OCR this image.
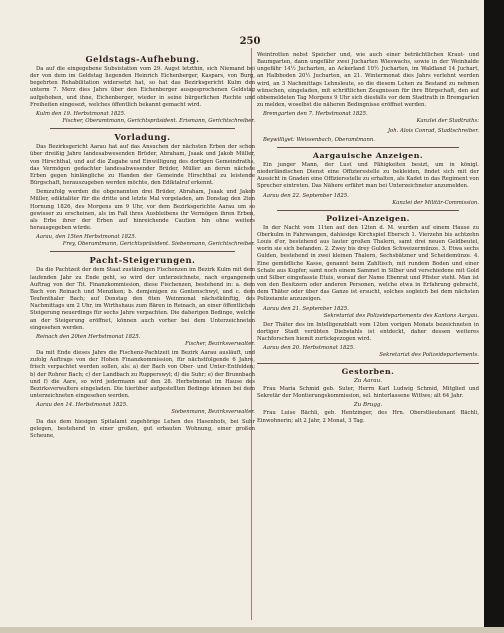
250
Geldstags-Aufhebung.

Da auf die eingegebene Subsistation vom 29. Augst letzthin, sich Niemand bei der von dem im Geldstag liegenden Heinrich Eichenberger, Kaspars, von Burg, begehrten Rehabilitation widersetzt hat, so hat das Bezirksgericht Kulm den unterm 7. Merz dies Jahrs über den Eichenberger ausgesprochenen Geldstag aufgehoben, und ihne, Eichenberger, wieder in seine bürgerlichen Rechte und Freiheiten eingesezt, welches öffentlich bekannt gemacht wird.

Kulm den 19. Herbstmonat 1825.
Fischer, Oberamtmann, Gerichtspräsident. Erismann, Gerichtschreiber.
Vorladung.

Das Bezirksgericht Aarau hat auf das Ansuchen der nächsten Erben der schon über dreißig Jahre landesabwesenden Brüder, Abraham, Jsaak und Jakob Müller, von Hirschthal, und auf die Zugabe und Einwilligung des dortigen Gemeindraths, das Vermögen gedachter landesabwesender Brüder, Müller an deren nächste Erben gegen hinlängliche zu Handen der Gemeinde Hirschthal zu leistende Bürgschaft, herauszugeben werden möchte, den Ediktalruf erkennt.

Demzufolg werden die obgenannten drei Brüder, Abraham, Jsaak und Jakob Müller, ediktaliter für die dritte und letzte Mal vorgeladen, am Donstag den 2ten Hornung 1826, des Morgens um 9 Uhr, vor dem Bezirksgerichte Aarau um so gewisser zu erscheinen, als im Fall ihres Ausbleibens ihr Vermögen ihren Erben, als Erbe ihrer der Erben auf hinreichende Caution hin ohne weiters herausgegeben würde.

Aarau, den 15ten Herbstmonat 1825.
Frey, Oberamtmann, Gerichtspräsident. Siebenmann, Gerichtschreiber.
Pacht-Steigerungen.

Da die Pachtzeit der dem Staat zuständigen Fischenzen im Bezirk Kulm mit dem laufenden Jahr zu Ende geht, so wird der unterzeichnete, nach ergangenem Auftrag von der Tit. Finanzkommission, diese Fischenzen, bestehend in: a. dem Bach von Reinach und Menziken; b. demjenigen zu Gontenschwyl, und c. dem Teufenthaler Bach; auf Donstag den 6ten Weinmonat nächstkünftig, des Nachmittags um 2 Uhr, im Wirthshaus zum Bären in Reinach, an einer öffentlichen Steigerung neuerdings für sechs Jahre verpachten. Die daherigen Bedinge, welche an der Steigerung eröffnet, können auch vorher bei dem Unterzeichneten eingesehen werden.

Reinach den 20ten Herbstmonat 1825.
Fischer, Bezirksverwalter.

Da mit Ende dieses Jahrs die Fischenz-Pachtzeit im Bezirk Aarau ausläuft, und zufolg Auftrags von der Hohen Finanzkommission, für nächstfolgende 6 Jahre, frisch verpachtet werden sollen, als: a) der Bach von Ober- und Unter-Entfelden; b) der Rohrer Bach; c) der Landbach zu Rupperswyl; d) die Suhr; e) der Brunnbach und f) die Aare, so wird jedermann auf den 28. Herbstmonat im Hause des Bezirksverwalters eingeladen. Die hierüber aufgestellten Bedinge können bei dem unterzeichneten eingesehen werden.

Aarau den 14. Herbstmonat 1825.
Siebenmann, Bezirksverwalter.

Da das dem hiesigen Spitalamt zugehörige Lehen des Hasenhofs, bei Suhr gelegen, bestehend in einer großen, gut erbauten Wohnung, einer großen Scheune,

Weintrotten nebst Speicher und, wie auch einer beträchtlichen Kraut- und Baumgarten, dann ungefähr zwei Jucharten Wieswachs, sowie in der Weinhalde ungefähr 14½ Jucharten, an Ackerland 10½ Jucharten, im Waldland 14 Juchart, an Halbboden 20½ Jucharten, an 21. Wintermonat dies Jahrs verlehnt werden wird, an 3 Nachmittags Lehnsleute, so die diesem Lehen zu Bestand zu nehmen wünschen, eingeladen, mit schriftlichen Zeugnissen für ihre Bürgschaft, den auf obbemeldeten Tag Morgens 9 Uhr sich diesfalls vor dem Stadtrath in Bremgarten zu melden, woselbst die näheren Bedingnisse eröffnet werden.

Bremgarten den 7. Herbstmonat 1825.
Kanzlei der Stadtraths:
Joh. Alois Conrad, Stadtschreiber.
Beywilliget: Weissenbach, Oberamtmann.
Aargauische Anzeigen.

Ein junger Mann, der Lust und Fähigkeiten besizt, um in königl. niederländischen Dienst eine Offiziersstelle zu bekleiden, findet sich mit der Aussicht in Gnaden eine Offiziersstelle zu erhalten, als Kadet in das Regiment von Sprecher eintreten. Das Nähere erfährt man bei Unterzeichneter anzumelden.

Aarau den 22. September 1825.
Kanzlei der Militär-Commission.
Polizei-Anzeigen.

In der Nacht vom 11ten auf den 12ten d. M. wurden auf einem Hause zu Oberkulm in Fahrwangen, dahiesige Kirchspiel Ebersch 1. Vierzehn bis achtzehn Louis d'or, bestehend aus lauter großen Thalern, samt drei neuen Geldbeutel, worin sie sich befanden. 2. Zwey bis drey Gulden Schweizermünze. 3. Etwa sechs Gulden, bestehend in zwei kleinen Thalern, Sechsbätzner und Scheidemünze. 4. Eine gemüdliche Kasse, genannt beim Zahltisch, mit rundem Boden und einer Schale aus Kupfer, samt noch einem Sammet in Silber und verschiedene mit Gold und Silber eingefasste Etuis, worauf der Name Ebenrat und Pfister steht. Man ist von den Besitzern oder anderen Personen, welche etwa in Erfahrung gebracht, dem Thäter oder über das Ganze ist ersucht, solches sogleich bei dem nächsten Polizeiamte anzuzeigen.

Aarau den 21. September 1825.
Sekretariat des Polizeidepartements des Kantons Aargau.

Der Thäter des im Intelligenzblatt vom 12ten vorigen Monats bezeichneten in dortiger Stadt verübten Diebstahls ist entdeckt, daher dessen weiteres Nachforschen hiemit zurückgezogen wird.

Aarau den 20. Herbstmonat 1825.
Sekretariat des Polizeidepartements.
Gestorben.
Zu Aarau.

Frau Maria Schmid geb. Suter, Herrn Karl Ludwig Schmid, Mitglied und Sekretär der Montierungskommission, sel. hinterlassene Wittwe; alt 64 Jahr.

Zu Brugg.

Frau Luise Bächli, geb. Hentzinger, des Hrn. Oberstlieutenant Bächli, Einwohnerin; alt 2 Jahr, 2 Monat, 3 Tag.
